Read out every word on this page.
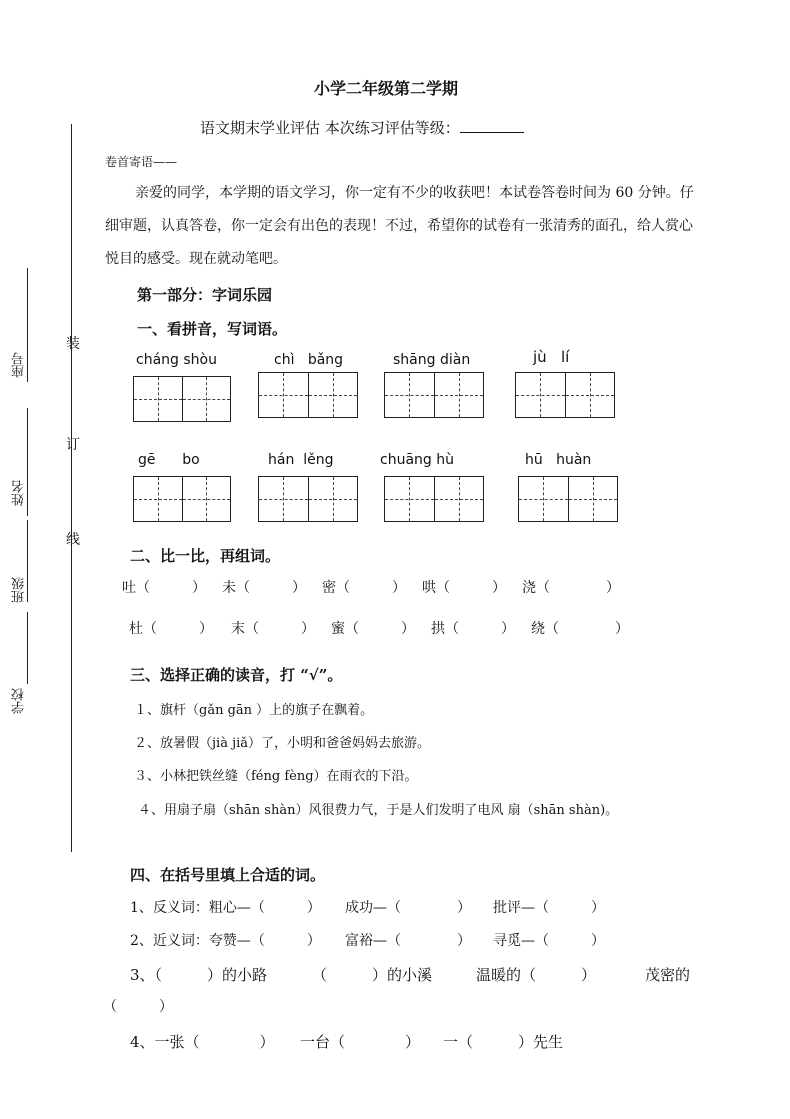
小学二年级第二学期
语文期末学业评估 本次练习评估等级：
座号
姓名
班级
学校
装
订
线
卷首寄语——
亲爱的同学，本学期的语文学习，你一定有不少的收获吧！本试卷答卷时间为 60 分钟。仔细审题，认真答卷，你一定会有出色的表现！不过，希望你的试卷有一张清秀的面孔，给人赏心悦目的感受。现在就动笔吧。
第一部分：字词乐园
一、看拼音，写词语。
cháng shòu	chì bǎng	shāng diàn	jù lí
gē bo	hán lěng	chuāng hù	hū huàn
二、比一比，再组词。
吐（　　　） 未（　　　） 密（　　　） 哄（　　　） 浇（　　　　）
杜（　　　） 末（　　　） 蜜（　　　） 拱（　　　） 绕（　　　　）
三、选择正确的读音，打 “√”。
１、旗杆（gǎn gān ）上的旗子在飘着。
２、放暑假（jià jiǎ）了，小明和爸爸妈妈去旅游。
３、小林把铁丝缝（féng fèng）在雨衣的下沿。
４、用扇子扇（shān shàn）风很费力气，于是人们发明了电风 扇（shān shàn)。
四、在括号里填上合适的词。
1、反义词：粗心—（　　　） 成功—（　　　　） 批评—（　　　）
2、近义词：夸赞—（　　　） 富裕—（　　　　） 寻觅—（　　　）
3、（　　　）的小路	（　　　）的小溪	温暖的（　　　）	茂密的
（　　　）
4、一张（　　　　） 一台（　　　　） 一（　　　）先生
